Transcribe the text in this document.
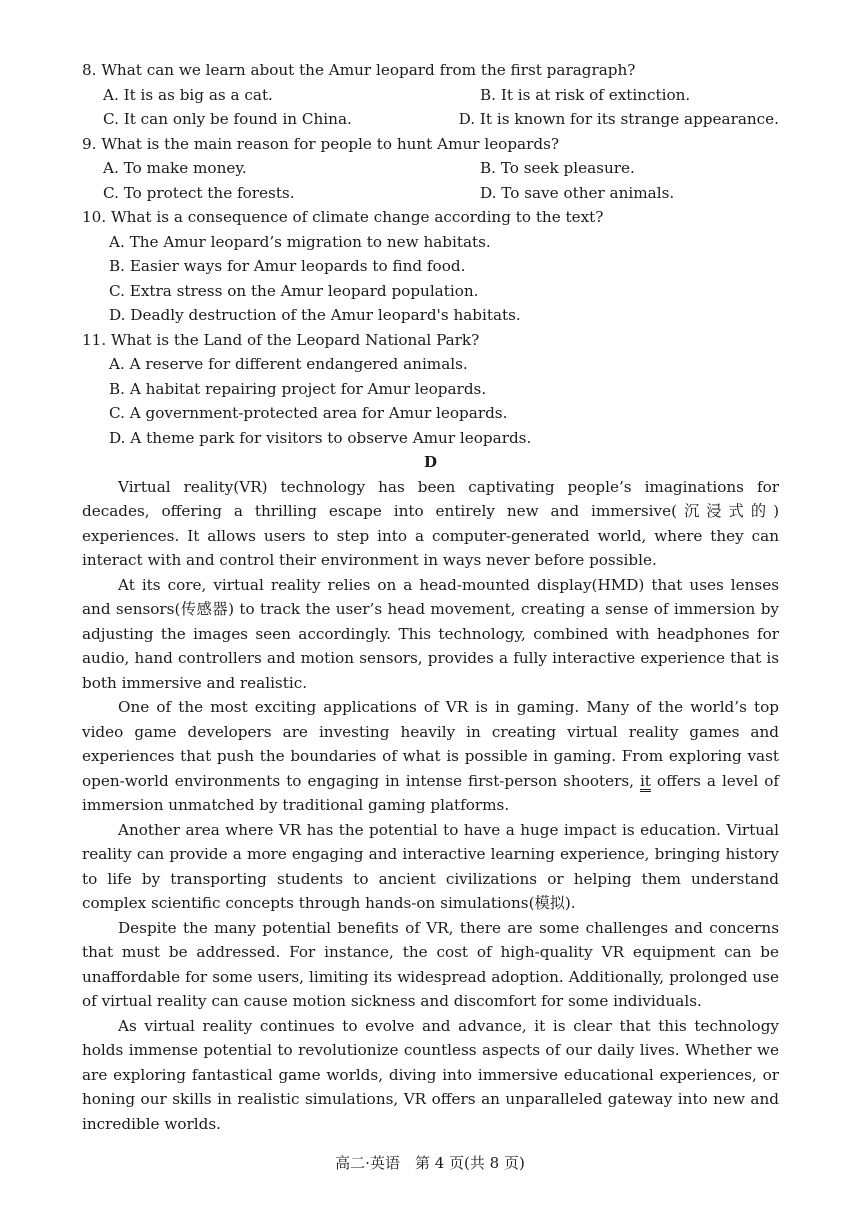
8. What can we learn about the Amur leopard from the first paragraph?
A. It is as big as a cat.	B. It is at risk of extinction.
C. It can only be found in China.	D. It is known for its strange appearance.
9. What is the main reason for people to hunt Amur leopards?
A. To make money.	B. To seek pleasure.
C. To protect the forests.	D. To save other animals.
10. What is a consequence of climate change according to the text?
A. The Amur leopard’s migration to new habitats.
B. Easier ways for Amur leopards to find food.
C. Extra stress on the Amur leopard population.
D. Deadly destruction of the Amur leopard's habitats.
11. What is the Land of the Leopard National Park?
A. A reserve for different endangered animals.
B. A habitat repairing project for Amur leopards.
C. A government-protected area for Amur leopards.
D. A theme park for visitors to observe Amur leopards.
D

Virtual reality(VR) technology has been captivating people’s imaginations for decades, offering a thrilling escape into entirely new and immersive(沉浸式的) experiences. It allows users to step into a computer-generated world, where they can interact with and control their environment in ways never before possible.

At its core, virtual reality relies on a head-mounted display(HMD) that uses lenses and sensors(传感器) to track the user’s head movement, creating a sense of immersion by adjusting the images seen accordingly. This technology, combined with headphones for audio, hand controllers and motion sensors, provides a fully interactive experience that is both immersive and realistic.

One of the most exciting applications of VR is in gaming. Many of the world’s top video game developers are investing heavily in creating virtual reality games and experiences that push the boundaries of what is possible in gaming. From exploring vast open-world environments to engaging in intense first-person shooters, it offers a level of immersion unmatched by traditional gaming platforms.

Another area where VR has the potential to have a huge impact is education. Virtual reality can provide a more engaging and interactive learning experience, bringing history to life by transporting students to ancient civilizations or helping them understand complex scientific concepts through hands-on simulations(模拟).

Despite the many potential benefits of VR, there are some challenges and concerns that must be addressed. For instance, the cost of high-quality VR equipment can be unaffordable for some users, limiting its widespread adoption. Additionally, prolonged use of virtual reality can cause motion sickness and discomfort for some individuals.

As virtual reality continues to evolve and advance, it is clear that this technology holds immense potential to revolutionize countless aspects of our daily lives. Whether we are exploring fantastical game worlds, diving into immersive educational experiences, or honing our skills in realistic simulations, VR offers an unparalleled gateway into new and incredible worlds.

高二·英语　第 4 页(共 8 页)
